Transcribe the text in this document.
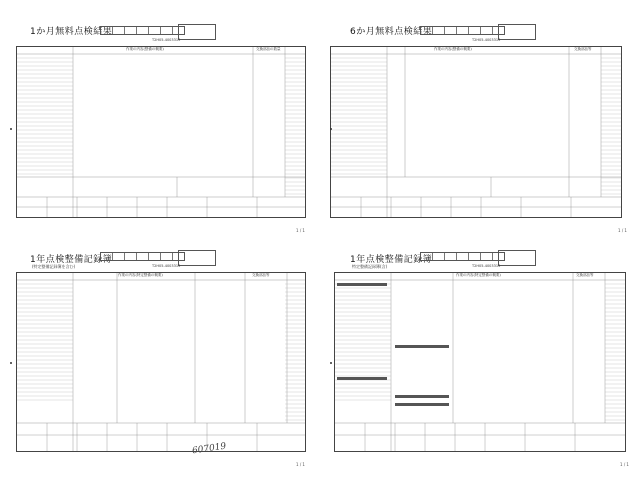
1か月無料点検結果
T2H05-4003313
作業の内容(整備の概要)	交換部品の数量
1 / 1
6か月無料点検結果
T2H05-4003313
作業の内容(整備の概要)	交換部品等
1 / 1
1年点検整備記録簿
(特定整備記録簿を含む)	T2H05-4003313
作業の内容(特定整備の概要)	交換部品等
607019
1 / 1
1年点検整備記録簿
特定整備記録簿(含)	T2H05-4003313
作業の内容(特定整備の概要)	交換部品等
1 / 1
